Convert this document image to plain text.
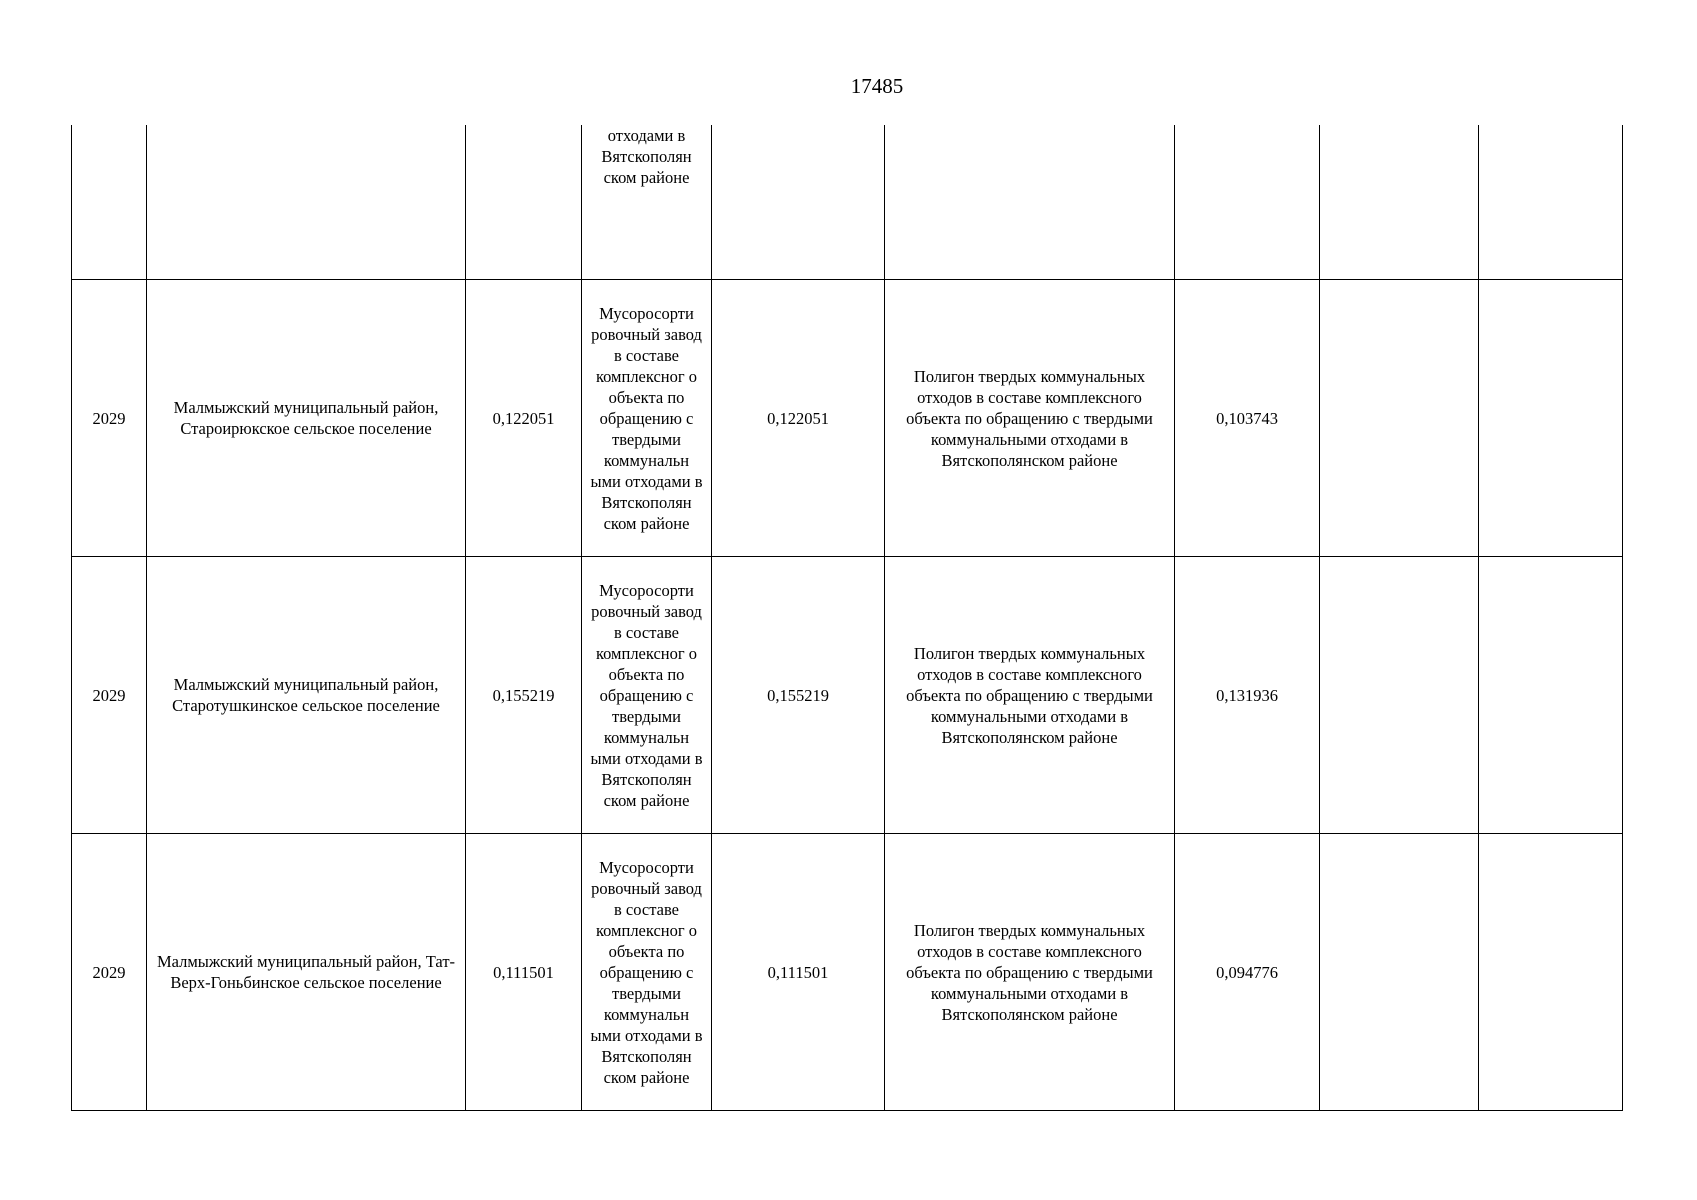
17485

			отходами в Вятскополян ском районе					

2029	Малмыжский муниципальный район, Староирюкское сельское поселение	0,122051	Мусоросорти ровочный завод в составе комплексног о объекта по обращению с твердыми коммунальн ыми отходами в Вятскополян ском районе	0,122051	Полигон твердых коммунальных отходов в составе комплексного объекта по обращению с твердыми коммунальными отходами в Вятскополянском районе	0,103743		
2029	Малмыжский муниципальный район, Старотушкинское сельское поселение	0,155219	Мусоросорти ровочный завод в составе комплексног о объекта по обращению с твердыми коммунальн ыми отходами в Вятскополян ском районе	0,155219	Полигон твердых коммунальных отходов в составе комплексного объекта по обращению с твердыми коммунальными отходами в Вятскополянском районе	0,131936		
2029	Малмыжский муниципальный район, Тат-Верх-Гоньбинское сельское поселение	0,111501	Мусоросорти ровочный завод в составе комплексног о объекта по обращению с твердыми коммунальн ыми отходами в Вятскополян ском районе	0,111501	Полигон твердых коммунальных отходов в составе комплексного объекта по обращению с твердыми коммунальными отходами в Вятскополянском районе	0,094776		
